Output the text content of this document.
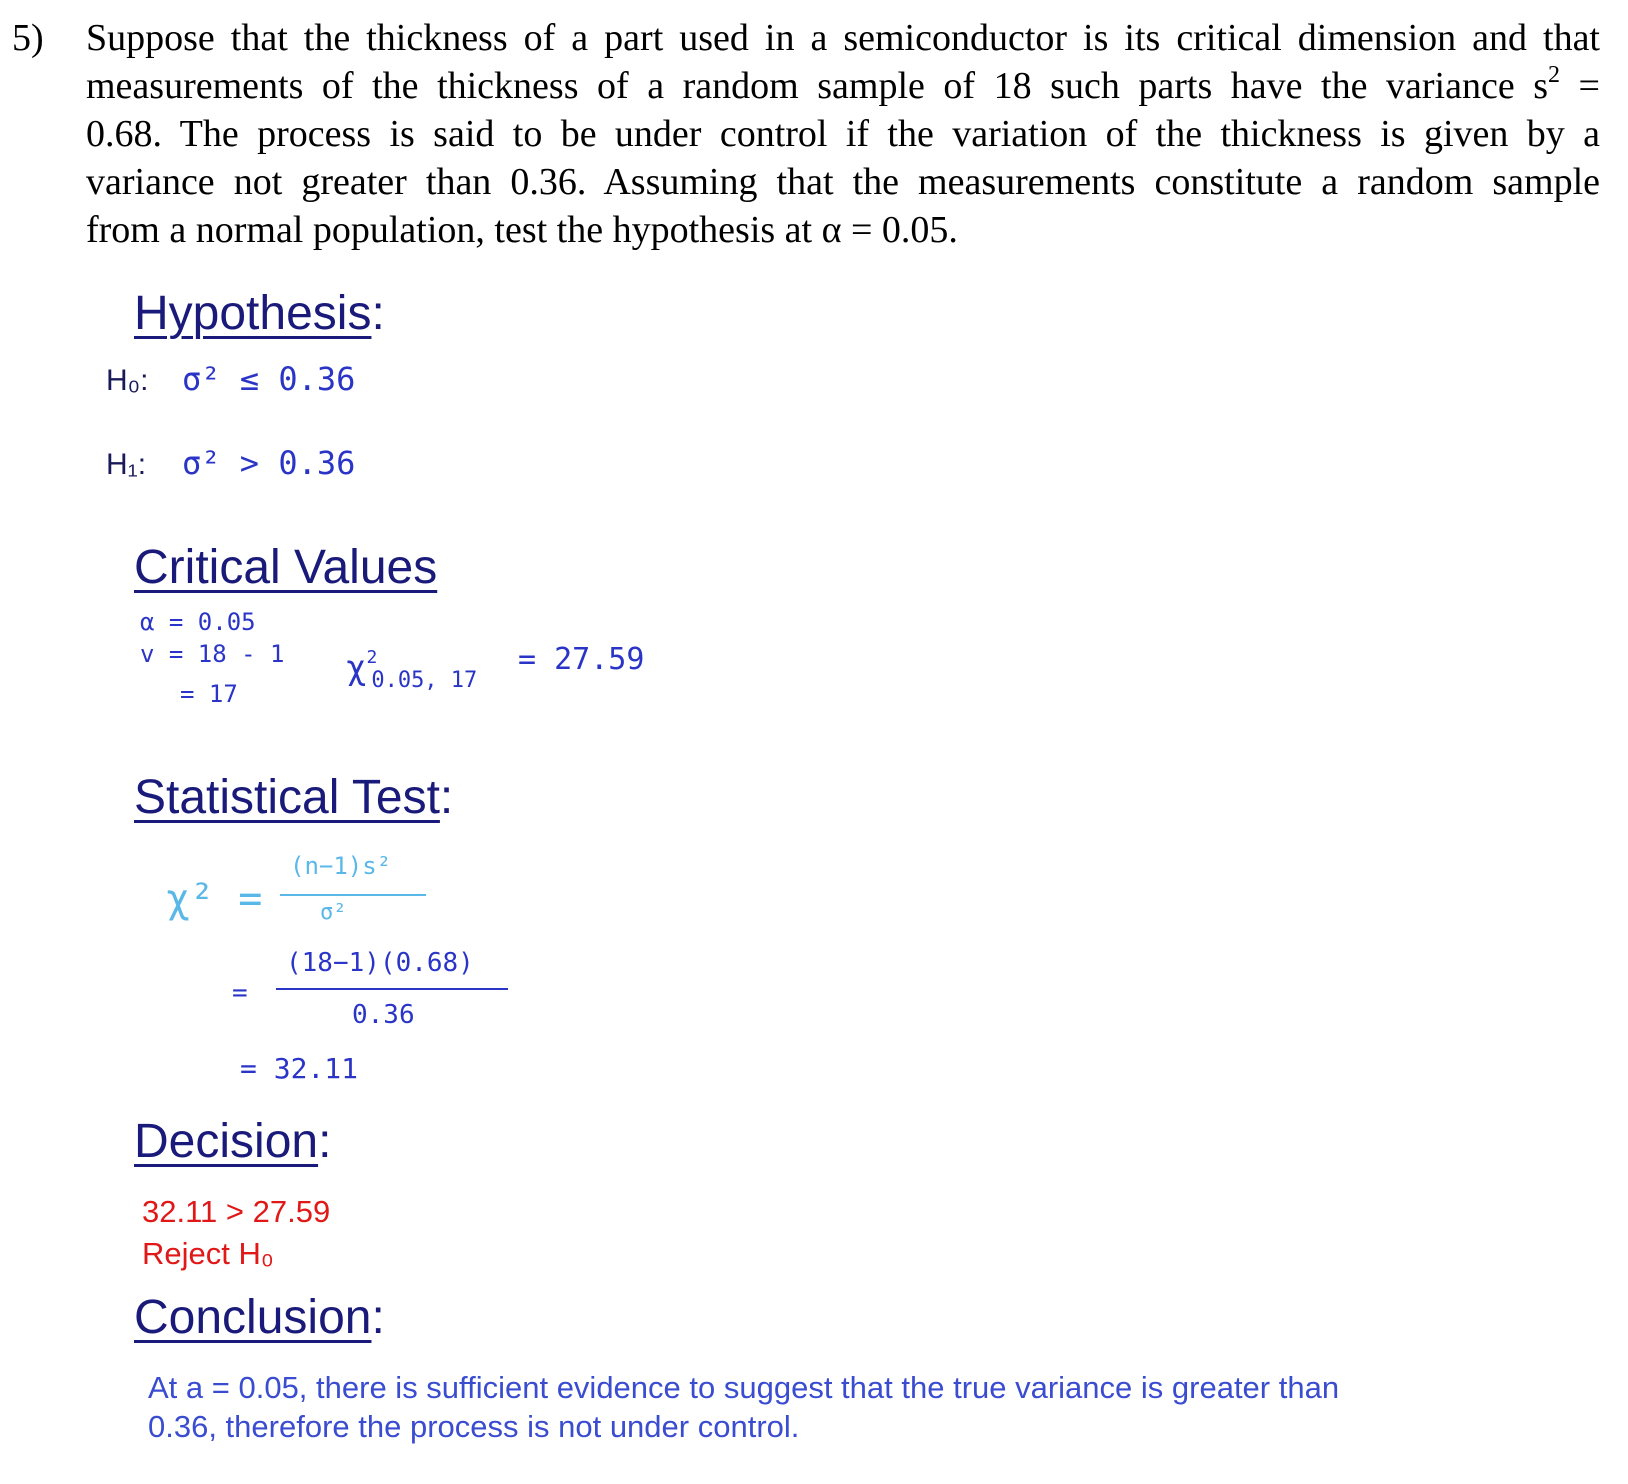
5) Suppose that the thickness of a part used in a semiconductor is its critical dimension and that
measurements of the thickness of a random sample of 18 such parts have the variance $s^2$ =
0.68. The process is said to be under control if the variation of the thickness is given by a
variance not greater than 0.36. Assuming that the measurements constitute a random sample
from a normal population, test the hypothesis at α = 0.05.
Hypothesis:
H₀: σ² ≤ 0.36
H₁: σ² > 0.36
Critical Values
α = 0.05
v = 18 - 1
= 17
$\chi^2_{0.05, 17}$
= 27.59
Statistical Test:
χ² =
(n−1)s²
σ²
=
(18−1)(0.68)
0.36
= 32.11
Decision:
32.11 > 27.59
Reject H₀
Conclusion:
At a = 0.05, there is sufficient evidence to suggest that the true variance is greater than 0.36, therefore the process is not under control.
